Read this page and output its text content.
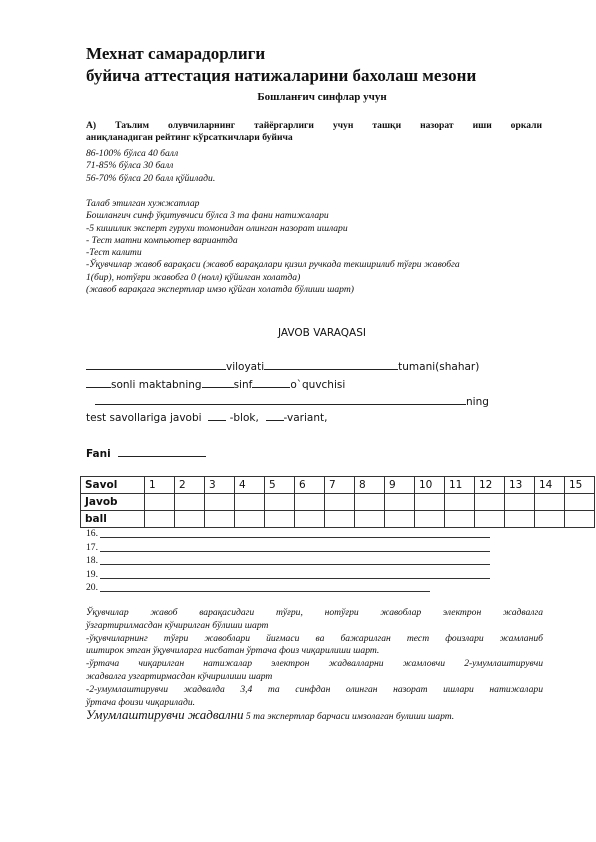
Мехнат самарадорлиги
буйича аттестация натижаларини бахолаш мезони
Бошланғич синфлар учун
А) Таълим олувчиларнинг тайёргарлиги учун ташқи назорат иши оркали
аниқланадиган рейтинг кўрсаткичлари буйича
86-100% бўлса 40 балл
71-85% бўлса 30 балл
56-70% бўлса 20 балл қўйилади.
Талаб этилган хужжатлар
Бошланғич синф ўқитувчиси бўлса 3 та фани натижалари
-5 кишилик эксперт гурухи томонидан олинган назорат ишлари
- Тест матни компьютер вариантда
-Тест калити
-Ўқувчилар жавоб варақаси (жавоб варақалари қизил ручкада текширилиб тўғри жавобга
1(бир), нотўғри жавобга 0 (нолл) қўйилган холатда)
(жавоб варақага экспертлар имзо қўйган холатда бўлиши шарт)
JAVOB VARAQASI
viloyati	tumani(shahar)
sonli maktabning	sinf	o`quvchisi
ning
test savollariga javobi	-blok, -variant,
Fani
Savol	1	2	3	4	5	6	7	8	9	10	11	12	13	14	15
Javob															
ball															
16.
17.
18.
19.
20.
Ўқувчилар жавоб варақасидаги тўғри, нотўғри жавоблар электрон жадвалга
ўзгартирилмасдан кўчирилган бўлиши шарт
-ўқувчиларнинг тўғри жавоблари йиғмаси ва бажарилган тест фоизлари жамланиб
иштирок этган ўқувчиларга нисбатан ўртача фоиз чиқарилиши шарт.
-ўртача чиқарилган натижалар электрон жадвалларни жамловчи 2-умумлаштирувчи
жадвалга узгартирмасдан кўчирилиши шарт
-2-умумлаштирувчи жадвалда 3,4 та синфдан олинган назорат ишлари натижалари
ўртача фоизи чиқарилади.
Умумлаштирувчи жадвални 5 та экспертлар барчаси имзолаган булиши шарт.
